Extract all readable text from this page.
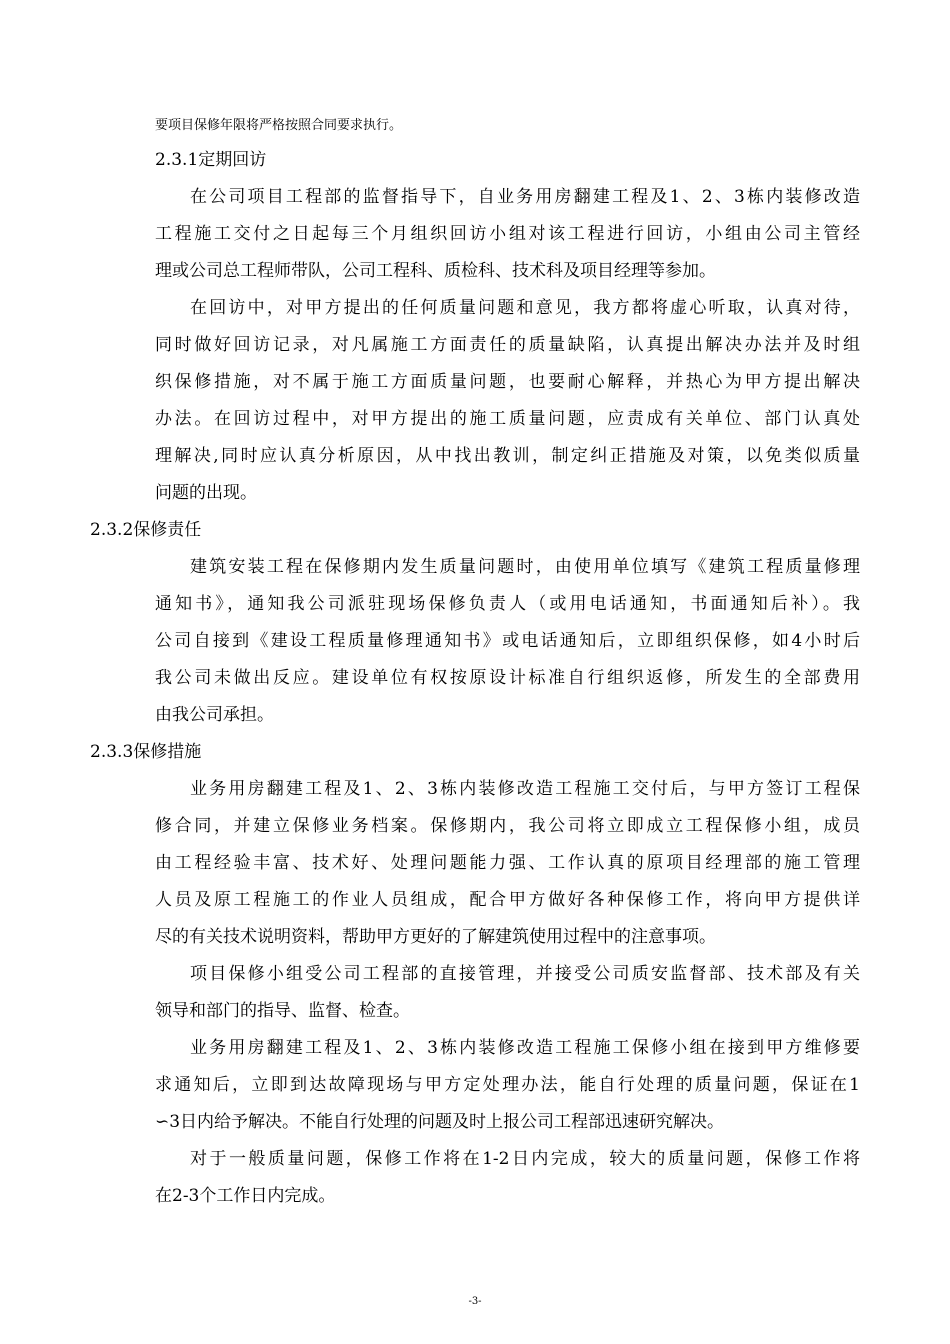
要项目保修年限将严格按照合同要求执行。
2.3.1定期回访
在公司项目工程部的监督指导下，自业务用房翻建工程及1、2、3栋内装修改造
工程施工交付之日起每三个月组织回访小组对该工程进行回访，小组由公司主管经
理或公司总工程师带队，公司工程科、质检科、技术科及项目经理等参加。
在回访中，对甲方提出的任何质量问题和意见，我方都将虚心听取，认真对待，
同时做好回访记录，对凡属施工方面责任的质量缺陷，认真提出解决办法并及时组
织保修措施，对不属于施工方面质量问题，也要耐心解释，并热心为甲方提出解决
办法。在回访过程中，对甲方提出的施工质量问题，应责成有关单位、部门认真处
理解决,同时应认真分析原因，从中找出教训，制定纠正措施及对策，以免类似质量
问题的出现。
2.3.2保修责任
建筑安装工程在保修期内发生质量问题时，由使用单位填写《建筑工程质量修理
通知书》，通知我公司派驻现场保修负责人（或用电话通知，书面通知后补）。我
公司自接到《建设工程质量修理通知书》或电话通知后，立即组织保修，如4小时后
我公司未做出反应。建设单位有权按原设计标准自行组织返修，所发生的全部费用
由我公司承担。
2.3.3保修措施
业务用房翻建工程及1、2、3栋内装修改造工程施工交付后，与甲方签订工程保
修合同，并建立保修业务档案。保修期内，我公司将立即成立工程保修小组，成员
由工程经验丰富、技术好、处理问题能力强、工作认真的原项目经理部的施工管理
人员及原工程施工的作业人员组成，配合甲方做好各种保修工作，将向甲方提供详
尽的有关技术说明资料，帮助甲方更好的了解建筑使用过程中的注意事项。
项目保修小组受公司工程部的直接管理，并接受公司质安监督部、技术部及有关
领导和部门的指导、监督、检查。
业务用房翻建工程及1、2、3栋内装修改造工程施工保修小组在接到甲方维修要
求通知后，立即到达故障现场与甲方定处理办法，能自行处理的质量问题，保证在1
∽3日内给予解决。不能自行处理的问题及时上报公司工程部迅速研究解决。
对于一般质量问题，保修工作将在1-2日内完成，较大的质量问题，保修工作将
在2-3个工作日内完成。
-3-
